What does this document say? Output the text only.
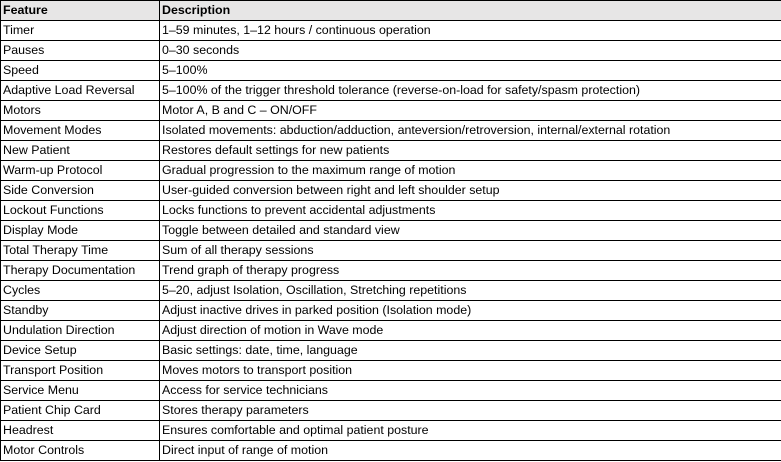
Feature	Description
Timer	1–59 minutes, 1–12 hours / continuous operation
Pauses	0–30 seconds
Speed	5–100%
Adaptive Load Reversal	5–100% of the trigger threshold tolerance (reverse-on-load for safety/spasm protection)
Motors	Motor A, B and C – ON/OFF
Movement Modes	Isolated movements: abduction/adduction, anteversion/retroversion, internal/external rotation
New Patient	Restores default settings for new patients
Warm-up Protocol	Gradual progression to the maximum range of motion
Side Conversion	User-guided conversion between right and left shoulder setup
Lockout Functions	Locks functions to prevent accidental adjustments
Display Mode	Toggle between detailed and standard view
Total Therapy Time	Sum of all therapy sessions
Therapy Documentation	Trend graph of therapy progress
Cycles	5–20, adjust Isolation, Oscillation, Stretching repetitions
Standby	Adjust inactive drives in parked position (Isolation mode)
Undulation Direction	Adjust direction of motion in Wave mode
Device Setup	Basic settings: date, time, language
Transport Position	Moves motors to transport position
Service Menu	Access for service technicians
Patient Chip Card	Stores therapy parameters
Headrest	Ensures comfortable and optimal patient posture
Motor Controls	Direct input of range of motion
